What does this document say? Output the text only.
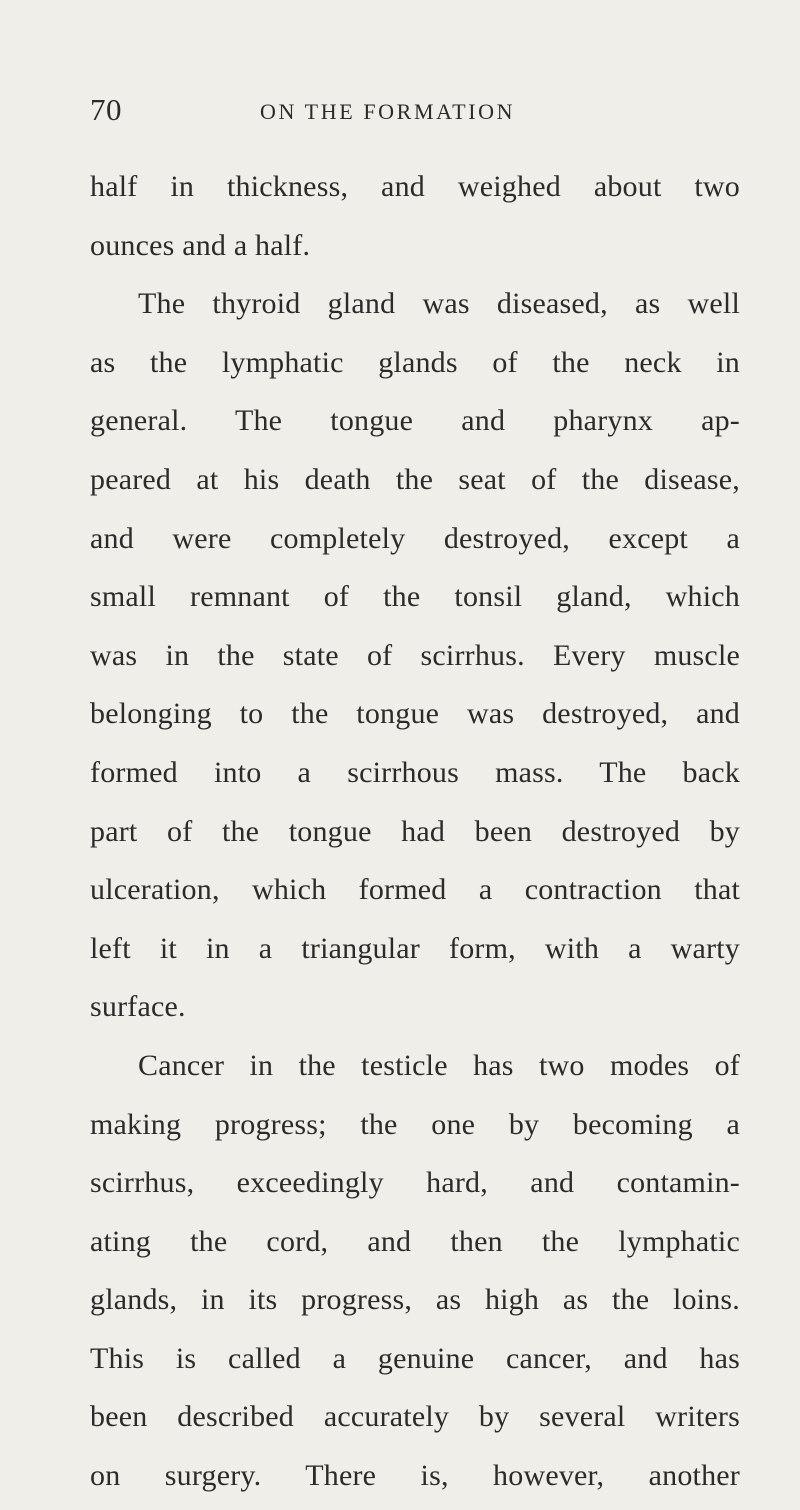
70	ON THE FORMATION
half in thickness, and weighed about two
ounces and a half.
The thyroid gland was diseased, as well
as the lymphatic glands of the neck in
general. The tongue and pharynx ap-
peared at his death the seat of the disease,
and were completely destroyed, except a
small remnant of the tonsil gland, which
was in the state of scirrhus. Every muscle
belonging to the tongue was destroyed, and
formed into a scirrhous mass. The back
part of the tongue had been destroyed by
ulceration, which formed a contraction that
left it in a triangular form, with a warty
surface.
Cancer in the testicle has two modes of
making progress; the one by becoming a
scirrhus, exceedingly hard, and contamin-
ating the cord, and then the lymphatic
glands, in its progress, as high as the loins.
This is called a genuine cancer, and has
been described accurately by several writers
on surgery. There is, however, another
